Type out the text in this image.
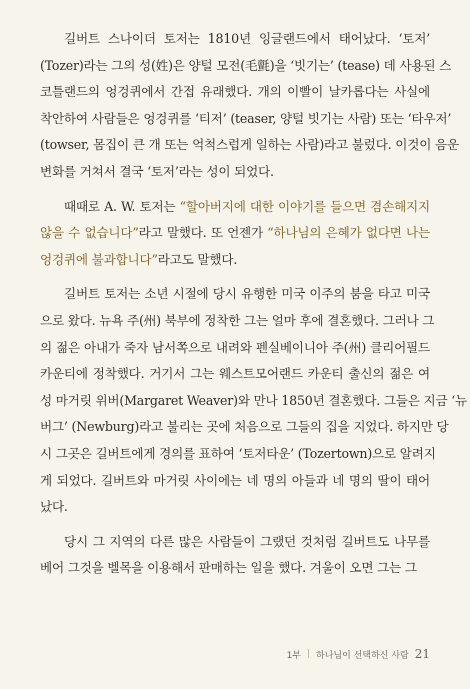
길버트 스나이더 토저는 1810년 잉글랜드에서 태어났다. ‘토저’
(Tozer)라는 그의 성(姓)은 양털 모전(毛氈)을 ‘빗기는’ (tease) 데 사용된 스
코틀랜드의 엉겅퀴에서 간접 유래했다. 개의 이빨이 날카롭다는 사실에
착안하여 사람들은 엉겅퀴를 ‘티저’ (teaser, 양털 빗기는 사람) 또는 ‘타우저’
(towser, 몸집이 큰 개 또는 억척스럽게 일하는 사람)라고 불렀다. 이것이 음운
변화를 거쳐서 결국 ‘토저’라는 성이 되었다.
때때로 A. W. 토저는 “할아버지에 대한 이야기를 들으면 겸손해지지
않을 수 없습니다”라고 말했다. 또 언젠가 “하나님의 은혜가 없다면 나는
엉겅퀴에 불과합니다”라고도 말했다.
길버트 토저는 소년 시절에 당시 유행한 미국 이주의 붐을 타고 미국
으로 왔다. 뉴욕 주(州) 북부에 정착한 그는 얼마 후에 결혼했다. 그러나 그
의 젊은 아내가 죽자 남서쪽으로 내려와 펜실베이니아 주(州) 클리어필드
카운티에 정착했다. 거기서 그는 웨스트모어랜드 카운티 출신의 젊은 여
성 마거릿 위버(Margaret Weaver)와 만나 1850년 결혼했다. 그들은 지금 ‘뉴
버그’ (Newburg)라고 불리는 곳에 처음으로 그들의 집을 지었다. 하지만 당
시 그곳은 길버트에게 경의를 표하여 ‘토저타운’ (Tozertown)으로 알려지
게 되었다. 길버트와 마거릿 사이에는 네 명의 아들과 네 명의 딸이 태어
났다.
당시 그 지역의 다른 많은 사람들이 그랬던 것처럼 길버트도 나무를
베어 그것을 벨목을 이용해서 판매하는 일을 했다. 겨울이 오면 그는 그
1부 | 하나님이 선택하신 사람 21
